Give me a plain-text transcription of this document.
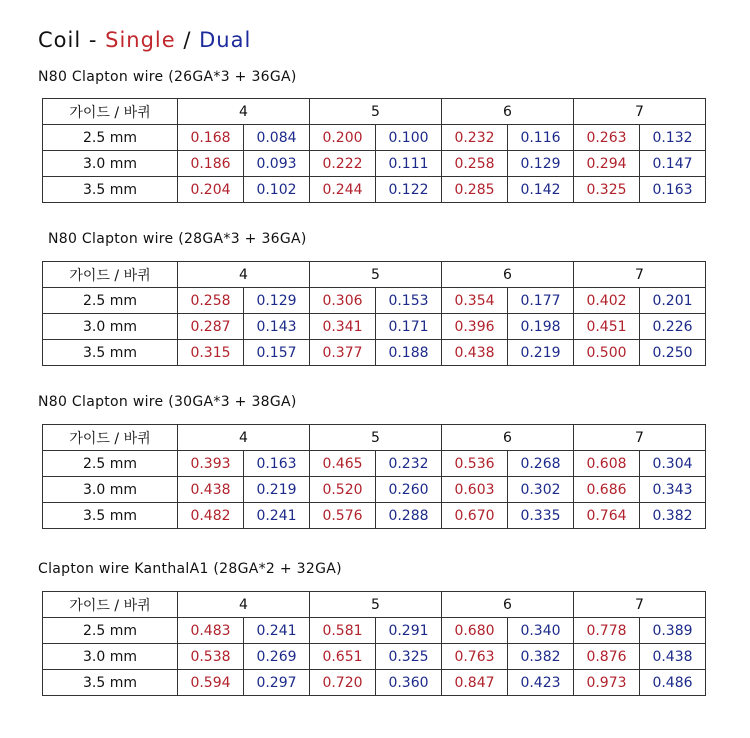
Coil - Single / Dual
N80 Clapton wire (26GA*3 + 36GA)
가이드 / 바퀴	4		5		6		7	
2.5 mm	0.168	0.084	0.200	0.100	0.232	0.116	0.263	0.132
3.0 mm	0.186	0.093	0.222	0.111	0.258	0.129	0.294	0.147
3.5 mm	0.204	0.102	0.244	0.122	0.285	0.142	0.325	0.163
N80 Clapton wire (28GA*3 + 36GA)
가이드 / 바퀴	4		5		6		7	
2.5 mm	0.258	0.129	0.306	0.153	0.354	0.177	0.402	0.201
3.0 mm	0.287	0.143	0.341	0.171	0.396	0.198	0.451	0.226
3.5 mm	0.315	0.157	0.377	0.188	0.438	0.219	0.500	0.250
N80 Clapton wire (30GA*3 + 38GA)
가이드 / 바퀴	4		5		6		7	
2.5 mm	0.393	0.163	0.465	0.232	0.536	0.268	0.608	0.304
3.0 mm	0.438	0.219	0.520	0.260	0.603	0.302	0.686	0.343
3.5 mm	0.482	0.241	0.576	0.288	0.670	0.335	0.764	0.382
Clapton wire KanthalA1 (28GA*2 + 32GA)
가이드 / 바퀴	4		5		6		7	
2.5 mm	0.483	0.241	0.581	0.291	0.680	0.340	0.778	0.389
3.0 mm	0.538	0.269	0.651	0.325	0.763	0.382	0.876	0.438
3.5 mm	0.594	0.297	0.720	0.360	0.847	0.423	0.973	0.486
